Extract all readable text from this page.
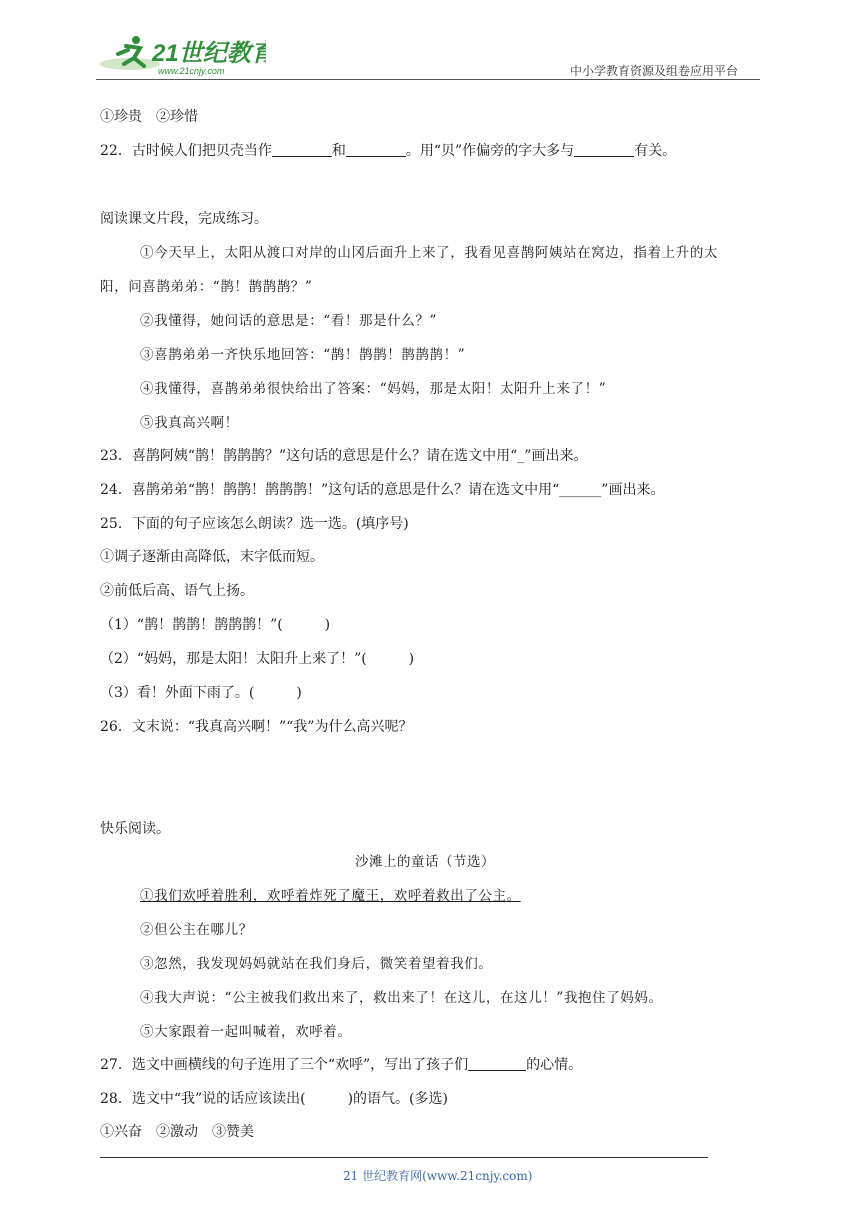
21世纪教育
www.21cnjy.com	中小学教育资源及组卷应用平台
①珍贵　②珍惜
22．古时候人们把贝壳当作	和	。用“贝”作偏旁的字大多与	有关。
阅读课文片段，完成练习。
①今天早上，太阳从渡口对岸的山冈后面升上来了，我看见喜鹊阿姨站在窝边，指着上升的太
阳，问喜鹊弟弟：“鹊！鹊鹊鹊？”
②我懂得，她问话的意思是：“看！那是什么？”
③喜鹊弟弟一齐快乐地回答：“鹊！鹊鹊！鹊鹊鹊！”
④我懂得，喜鹊弟弟很快给出了答案：“妈妈，那是太阳！太阳升上来了！”
⑤我真高兴啊！
23．喜鹊阿姨“鹊！鹊鹊鹊？”这句话的意思是什么？请在选文中用“_”画出来。
24．喜鹊弟弟“鹊！鹊鹊！鹊鹊鹊！”这句话的意思是什么？请在选文中用“______”画出来。
25．下面的句子应该怎么朗读？选一选。(填序号)
①调子逐渐由高降低，末字低而短。
②前低后高、语气上扬。
（1）“鹊！鹊鹊！鹊鹊鹊！”(　　　)
（2）“妈妈，那是太阳！太阳升上来了！”(　　　)
（3）看！外面下雨了。(　　　)
26．文末说：“我真高兴啊！”“我”为什么高兴呢？
快乐阅读。
沙滩上的童话（节选）
①我们欢呼着胜利，欢呼着炸死了魔王，欢呼着救出了公主。
②但公主在哪儿？
③忽然，我发现妈妈就站在我们身后，微笑着望着我们。
④我大声说：“公主被我们救出来了，救出来了！在这儿，在这儿！”我抱住了妈妈。
⑤大家跟着一起叫喊着，欢呼着。
27．选文中画横线的句子连用了三个“欢呼”，写出了孩子们	的心情。
28．选文中“我”说的话应该读出(　　　)的语气。(多选)
①兴奋　②激动　③赞美
21 世纪教育网(www.21cnjy.com)
